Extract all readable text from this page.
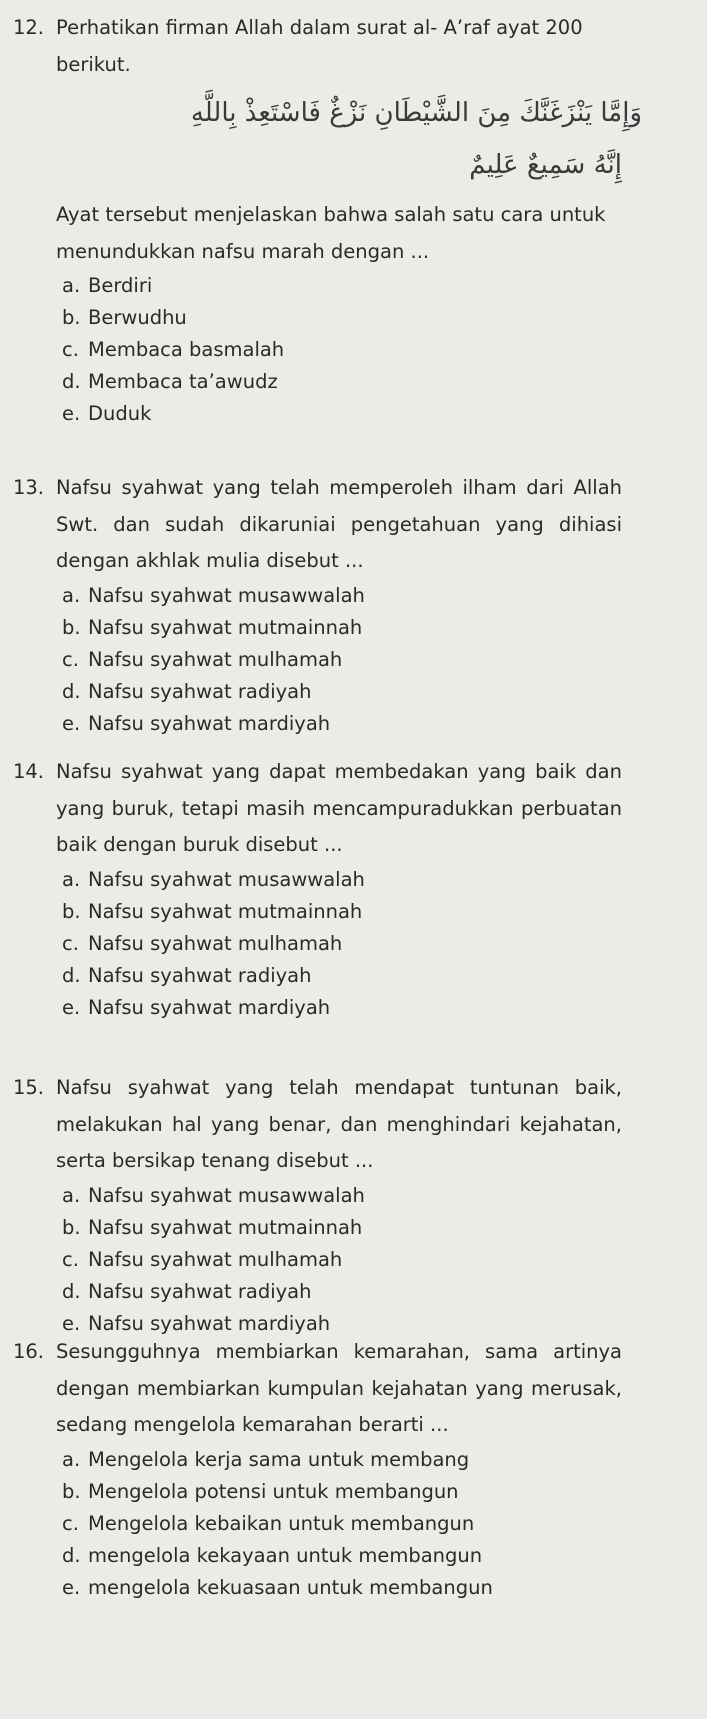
12. Perhatikan firman Allah dalam surat al- A’raf ayat 200 berikut.
وَإِمَّا يَنْزَغَنَّكَ مِنَ الشَّيْطَانِ نَزْغٌ فَاسْتَعِذْ بِاللَّهِ
إِنَّهُ سَمِيعٌ عَلِيمٌ
Ayat tersebut menjelaskan bahwa salah satu cara untuk menundukkan nafsu marah dengan ...
a. Berdiri
b. Berwudhu
c. Membaca basmalah
d. Membaca ta’awudz
e. Duduk
13. Nafsu syahwat yang telah memperoleh ilham dari Allah Swt. dan sudah dikaruniai pengetahuan yang dihiasi dengan akhlak mulia disebut ...
a. Nafsu syahwat musawwalah
b. Nafsu syahwat mutmainnah
c. Nafsu syahwat mulhamah
d. Nafsu syahwat radiyah
e. Nafsu syahwat mardiyah
14. Nafsu syahwat yang dapat membedakan yang baik dan yang buruk, tetapi masih mencampuradukkan perbuatan baik dengan buruk disebut ...
a. Nafsu syahwat musawwalah
b. Nafsu syahwat mutmainnah
c. Nafsu syahwat mulhamah
d. Nafsu syahwat radiyah
e. Nafsu syahwat mardiyah
15. Nafsu syahwat yang telah mendapat tuntunan baik, melakukan hal yang benar, dan menghindari kejahatan, serta bersikap tenang disebut ...
a. Nafsu syahwat musawwalah
b. Nafsu syahwat mutmainnah
c. Nafsu syahwat mulhamah
d. Nafsu syahwat radiyah
e. Nafsu syahwat mardiyah
16. Sesungguhnya membiarkan kemarahan, sama artinya dengan membiarkan kumpulan kejahatan yang merusak, sedang mengelola kemarahan berarti ...
a. Mengelola kerja sama untuk membang
b. Mengelola potensi untuk membangun
c. Mengelola kebaikan untuk membangun
d. mengelola kekayaan untuk membangun
e. mengelola kekuasaan untuk membangun
